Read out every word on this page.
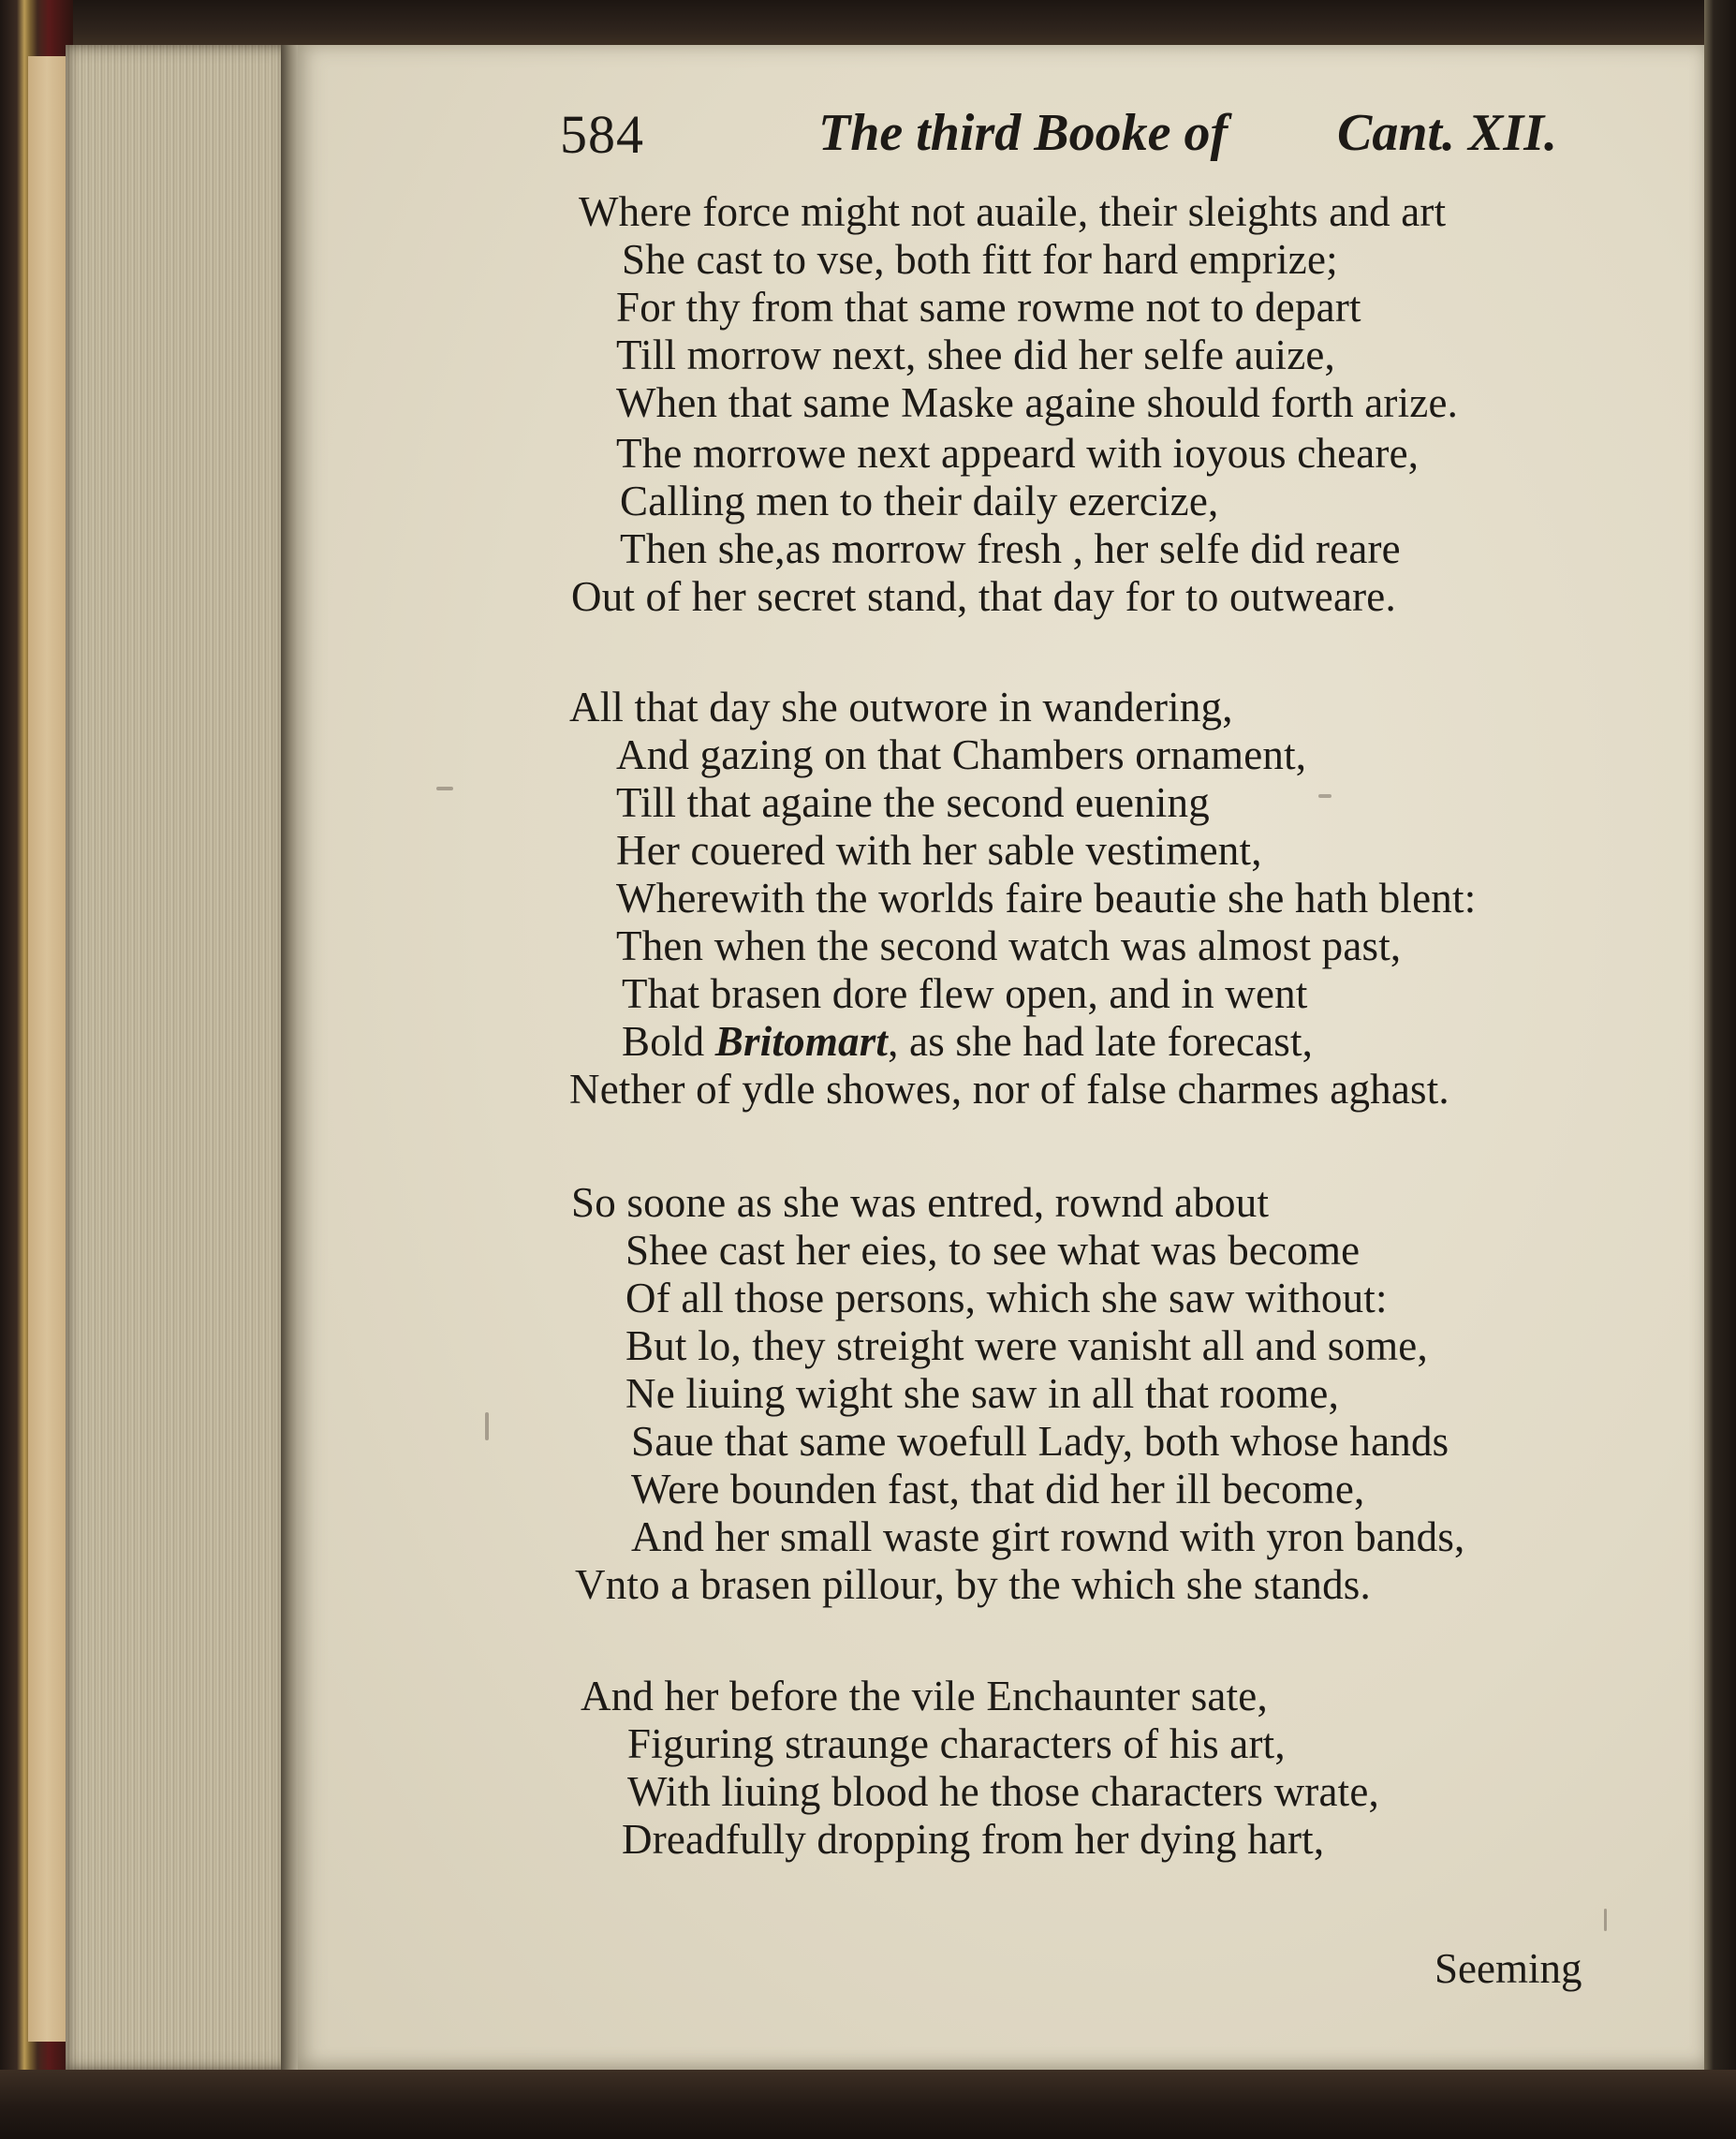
584	The third Booke of Cant. XII.
Where force might not auaile, their sleights and art
She cast to vse, both fitt for hard emprize;
For thy from that same rowme not to depart
Till morrow next, shee did her selfe auize,
When that same Maske againe should forth arize.
The morrowe next appeard with ioyous cheare,
Calling men to their daily ezercize,
Then she,as morrow fresh , her selfe did reare
Out of her secret stand, that day for to outweare.
All that day she outwore in wandering,
And gazing on that Chambers ornament,
Till that againe the second euening
Her couered with her sable vestiment,
Wherewith the worlds faire beautie she hath blent:
Then when the second watch was almost past,
That brasen dore flew open, and in went
Bold Britomart, as she had late forecast,
Nether of ydle showes, nor of false charmes aghast.
So soone as she was entred, rownd about
Shee cast her eies, to see what was become
Of all those persons, which she saw without:
But lo, they streight were vanisht all and some,
Ne liuing wight she saw in all that roome,
Saue that same woefull Lady, both whose hands
Were bounden fast, that did her ill become,
And her small waste girt rownd with yron bands,
Vnto a brasen pillour, by the which she stands.
And her before the vile Enchaunter sate,
Figuring straunge characters of his art,
With liuing blood he those characters wrate,
Dreadfully dropping from her dying hart,
Seeming
